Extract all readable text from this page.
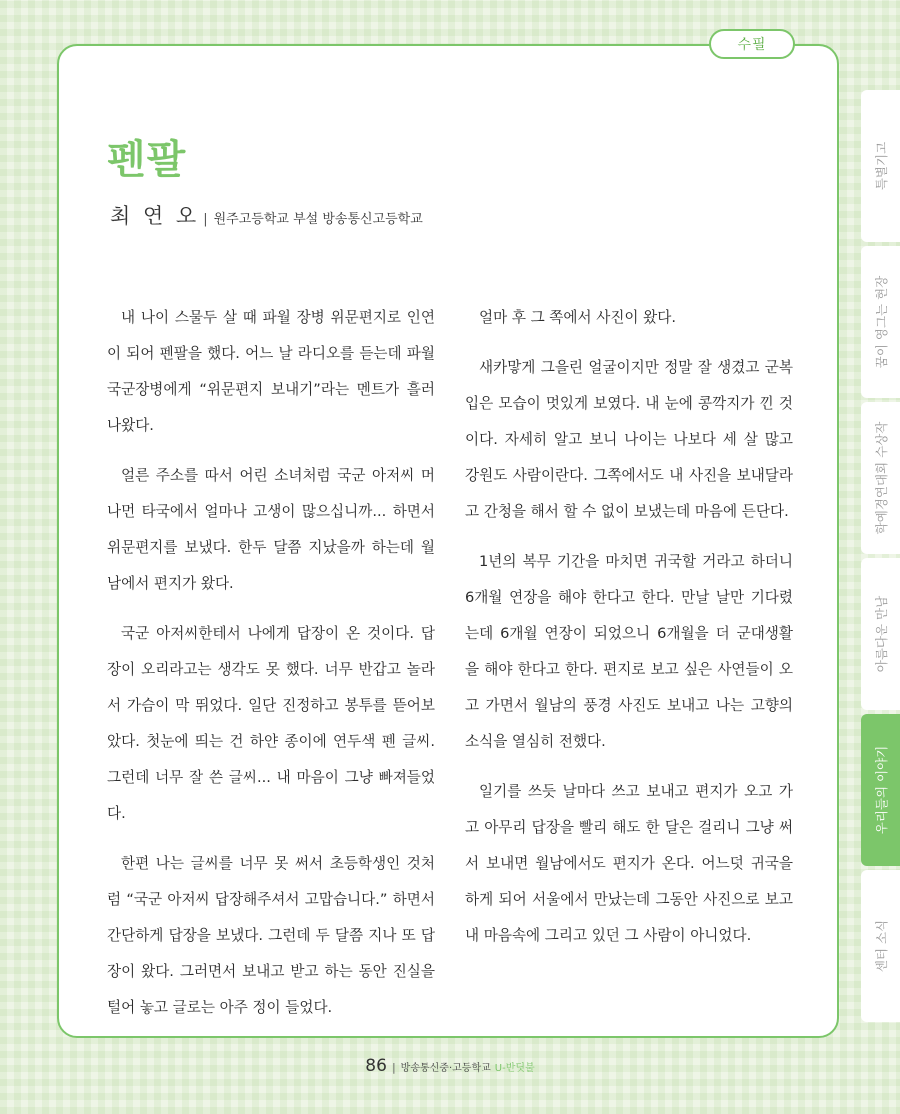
수필
펜팔
최 연 오 | 원주고등학교 부설 방송통신고등학교

내 나이 스물두 살 때 파월 장병 위문편지로 인연이 되어 펜팔을 했다. 어느 날 라디오를 듣는데 파월 국군장병에게 “위문편지 보내기”라는 멘트가 흘러나왔다.

얼른 주소를 따서 어린 소녀처럼 국군 아저씨 머나먼 타국에서 얼마나 고생이 많으십니까... 하면서 위문편지를 보냈다. 한두 달쯤 지났을까 하는데 월남에서 편지가 왔다.

국군 아저씨한테서 나에게 답장이 온 것이다. 답장이 오리라고는 생각도 못 했다. 너무 반갑고 놀라서 가슴이 막 뛰었다. 일단 진정하고 봉투를 뜯어보았다. 첫눈에 띄는 건 하얀 종이에 연두색 펜 글씨. 그런데 너무 잘 쓴 글씨... 내 마음이 그냥 빠져들었다.

한편 나는 글씨를 너무 못 써서 초등학생인 것처럼 “국군 아저씨 답장해주셔서 고맙습니다.” 하면서 간단하게 답장을 보냈다. 그런데 두 달쯤 지나 또 답장이 왔다. 그러면서 보내고 받고 하는 동안 진실을 털어 놓고 글로는 아주 정이 들었다.

얼마 후 그 쪽에서 사진이 왔다.

새카맣게 그을린 얼굴이지만 정말 잘 생겼고 군복 입은 모습이 멋있게 보였다. 내 눈에 콩깍지가 낀 것이다. 자세히 알고 보니 나이는 나보다 세 살 많고 강원도 사람이란다. 그쪽에서도 내 사진을 보내달라고 간청을 해서 할 수 없이 보냈는데 마음에 든단다.

1년의 복무 기간을 마치면 귀국할 거라고 하더니 6개월 연장을 해야 한다고 한다. 만날 날만 기다렸는데 6개월 연장이 되었으니 6개월을 더 군대생활을 해야 한다고 한다. 편지로 보고 싶은 사연들이 오고 가면서 월남의 풍경 사진도 보내고 나는 고향의 소식을 열심히 전했다.

일기를 쓰듯 날마다 쓰고 보내고 편지가 오고 가고 아무리 답장을 빨리 해도 한 달은 걸리니 그냥 써서 보내면 월남에서도 편지가 온다. 어느덧 귀국을 하게 되어 서울에서 만났는데 그동안 사진으로 보고 내 마음속에 그리고 있던 그 사람이 아니었다.

특별기고
꿈이 영그는 현장
학예경연대회 수상작
아름다운 만남
우리들의 이야기
센터 소식
86 | 방송통신중·고등학교 U-반딧불
